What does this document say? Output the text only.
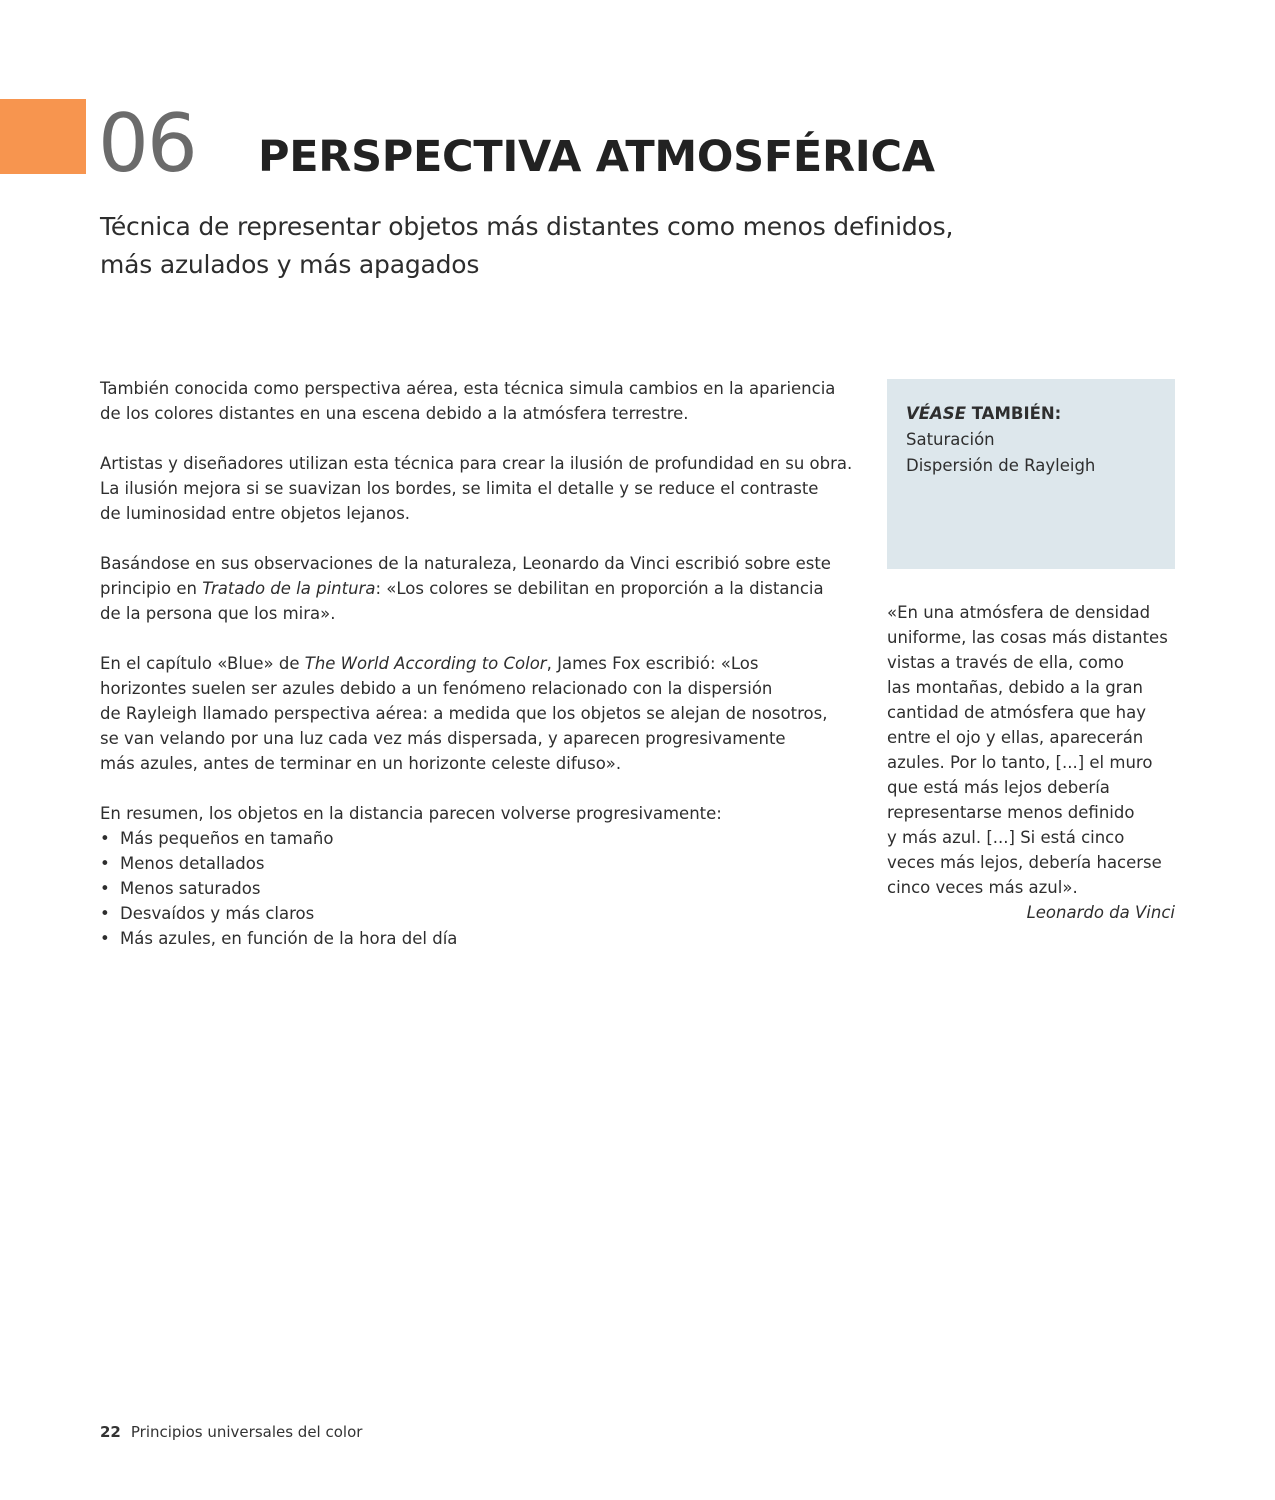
06 PERSPECTIVA ATMOSFÉRICA
Técnica de representar objetos más distantes como menos definidos,
más azulados y más apagados

También conocida como perspectiva aérea, esta técnica simula cambios en la apariencia
de los colores distantes en una escena debido a la atmósfera terrestre.

Artistas y diseñadores utilizan esta técnica para crear la ilusión de profundidad en su obra.
La ilusión mejora si se suavizan los bordes, se limita el detalle y se reduce el contraste
de luminosidad entre objetos lejanos.

Basándose en sus observaciones de la naturaleza, Leonardo da Vinci escribió sobre este
principio en Tratado de la pintura: «Los colores se debilitan en proporción a la distancia
de la persona que los mira».

En el capítulo «Blue» de The World According to Color, James Fox escribió: «Los
horizontes suelen ser azules debido a un fenómeno relacionado con la dispersión
de Rayleigh llamado perspectiva aérea: a medida que los objetos se alejan de nosotros,
se van velando por una luz cada vez más dispersada, y aparecen progresivamente
más azules, antes de terminar en un horizonte celeste difuso».

En resumen, los objetos en la distancia parecen volverse progresivamente:
• Más pequeños en tamaño
• Menos detallados
• Menos saturados
• Desvaídos y más claros
• Más azules, en función de la hora del día
VÉASE TAMBIÉN:
Saturación
Dispersión de Rayleigh
«En una atmósfera de densidad
uniforme, las cosas más distantes
vistas a través de ella, como
las montañas, debido a la gran
cantidad de atmósfera que hay
entre el ojo y ellas, aparecerán
azules. Por lo tanto, [...] el muro
que está más lejos debería
representarse menos definido
y más azul. [...] Si está cinco
veces más lejos, debería hacerse
cinco veces más azul».
Leonardo da Vinci
22 Principios universales del color
